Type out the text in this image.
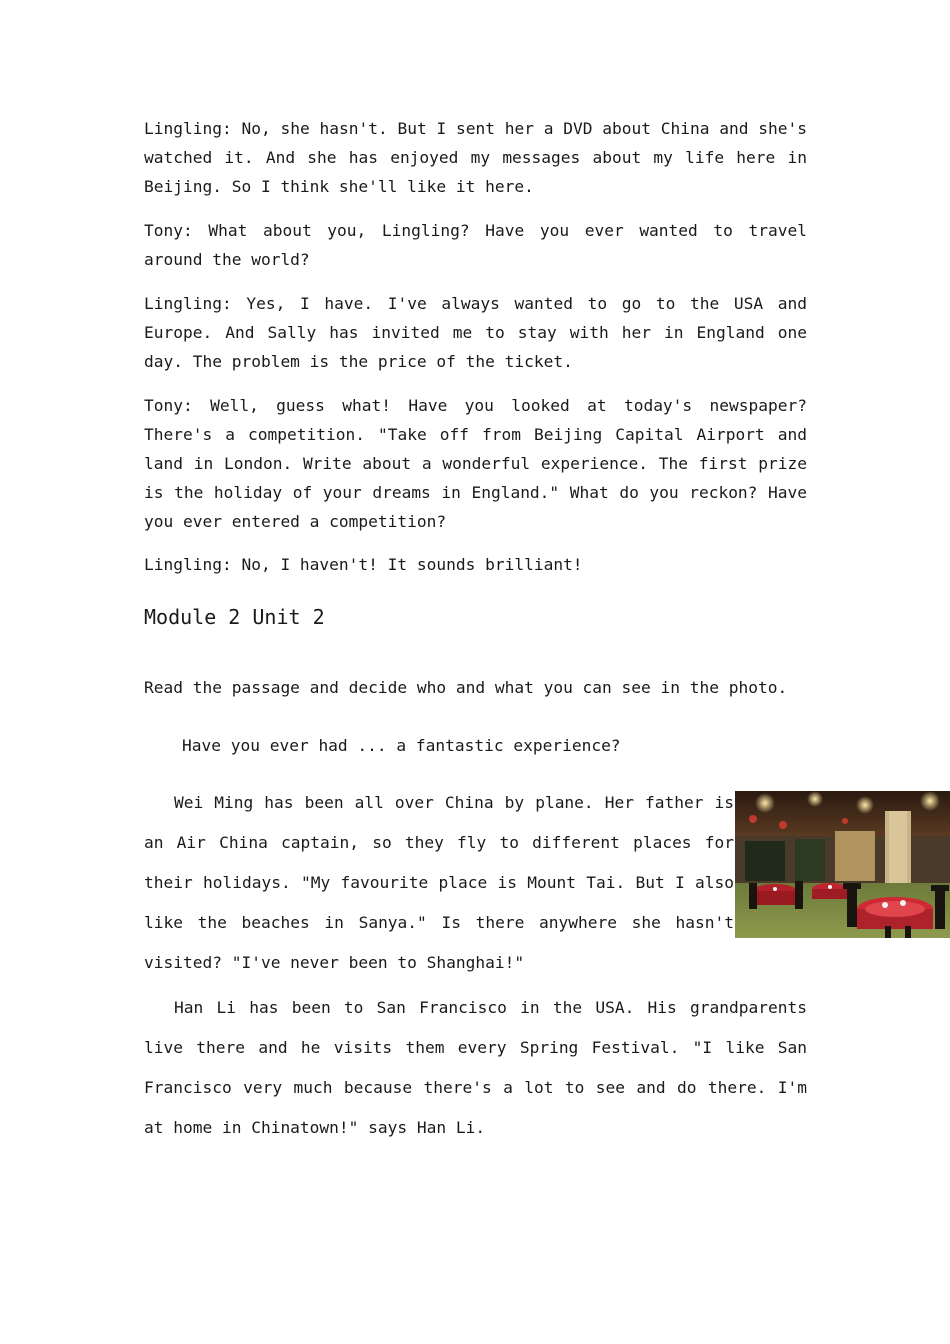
Lingling: No, she hasn't. But I sent her a DVD about China and she's watched it. And she has enjoyed my messages about my life here in Beijing. So I think she'll like it here.

Tony: What about you, Lingling? Have you ever wanted to travel around the world?

Lingling: Yes, I have. I've always wanted to go to the USA and Europe. And Sally has invited me to stay with her in England one day. The problem is the price of the ticket.

Tony: Well, guess what! Have you looked at today's newspaper? There's a competition. "Take off from Beijing Capital Airport and land in London. Write about a wonderful experience. The first prize is the holiday of your dreams in England." What do you reckon? Have you ever entered a competition?

Lingling: No, I haven't! It sounds brilliant!

Module 2 Unit 2

Read the passage and decide who and what you can see in the photo.

Have you ever had ... a fantastic experience?

Wei Ming has been all over China by plane. Her father is an Air China captain, so they fly to different places for their holidays. "My favourite place is Mount Tai. But I also like the beaches in Sanya." Is there anywhere she hasn't visited? "I've never been to Shanghai!"

Han Li has been to San Francisco in the USA. His grandparents live there and he visits them every Spring Festival. "I like San Francisco very much because there's a lot to see and do there. I'm at home in Chinatown!" says Han Li.
